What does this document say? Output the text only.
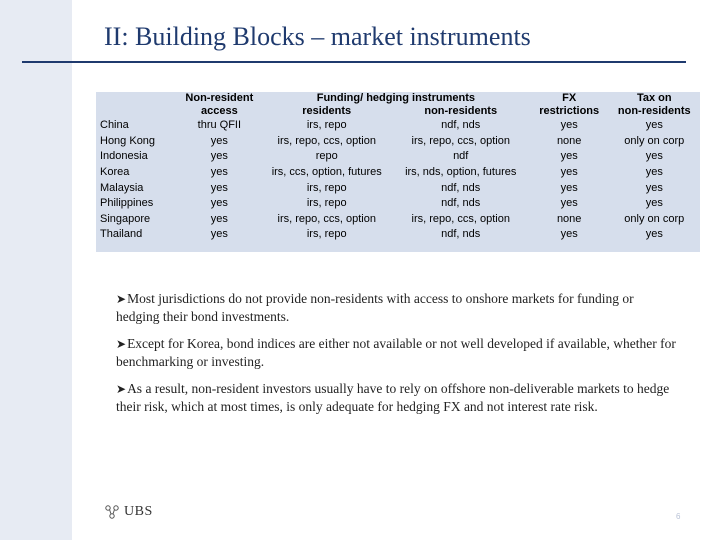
II: Building Blocks – market instruments
	Non-resident	Funding/ hedging instruments		FX	Tax on
	access	residents	non-residents	restrictions	non-residents
China	thru QFII	irs, repo	ndf, nds	yes	yes
Hong Kong	yes	irs, repo, ccs, option	irs, repo, ccs, option	none	only on corp
Indonesia	yes	repo	ndf	yes	yes
Korea	yes	irs, ccs, option, futures	irs, nds, option, futures	yes	yes
Malaysia	yes	irs, repo	ndf, nds	yes	yes
Philippines	yes	irs, repo	ndf, nds	yes	yes
Singapore	yes	irs, repo, ccs, option	irs, repo, ccs, option	none	only on corp
Thailand	yes	irs, repo	ndf, nds	yes	yes

➤Most jurisdictions do not provide non-residents with access to onshore markets for funding or hedging their bond investments.

➤Except for Korea, bond indices are either not available or not well developed if available, whether for benchmarking or investing.

➤As a result, non-resident investors usually have to rely on offshore non-deliverable markets to hedge their risk, which at most times, is only adequate for hedging FX and not interest rate risk.

UBS	6
